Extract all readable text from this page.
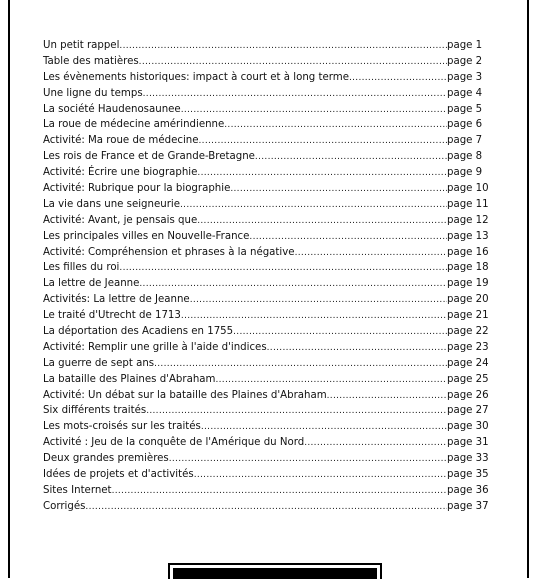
Un petit rappel .....	page 1
Table des matières .....	page 2
Les évènements historiques: impact à court et à long terme .....	page 3
Une ligne du temps .....	page 4
La société Haudenosaunee .....	page 5
La roue de médecine amérindienne .....	page 6
Activité: Ma roue de médecine .....	page 7
Les rois de France et de Grande-Bretagne .....	page 8
Activité: Écrire une biographie .....	page 9
Activité: Rubrique pour la biographie .....	page 10
La vie dans une seigneurie .....	page 11
Activité: Avant, je pensais que .....	page 12
Les principales villes en Nouvelle-France .....	page 13
Activité: Compréhension et phrases à la négative .....	page 16
Les filles du roi .....	page 18
La lettre de Jeanne .....	page 19
Activités: La lettre de Jeanne .....	page 20
Le traité d'Utrecht de 1713 .....	page 21
La déportation des Acadiens en 1755 .....	page 22
Activité: Remplir une grille à l'aide d'indices .....	page 23
La guerre de sept ans .....	page 24
La bataille des Plaines d'Abraham .....	page 25
Activité: Un débat sur la bataille des Plaines d'Abraham .....	page 26
Six différents traités .....	page 27
Les mots-croisés sur les traités .....	page 30
Activité : Jeu de la conquête de l'Amérique du Nord .....	page 31
Deux grandes premières .....	page 33
Idées de projets et d'activités .....	page 35
Sites Internet .....	page 36
Corrigés .....	page 37
